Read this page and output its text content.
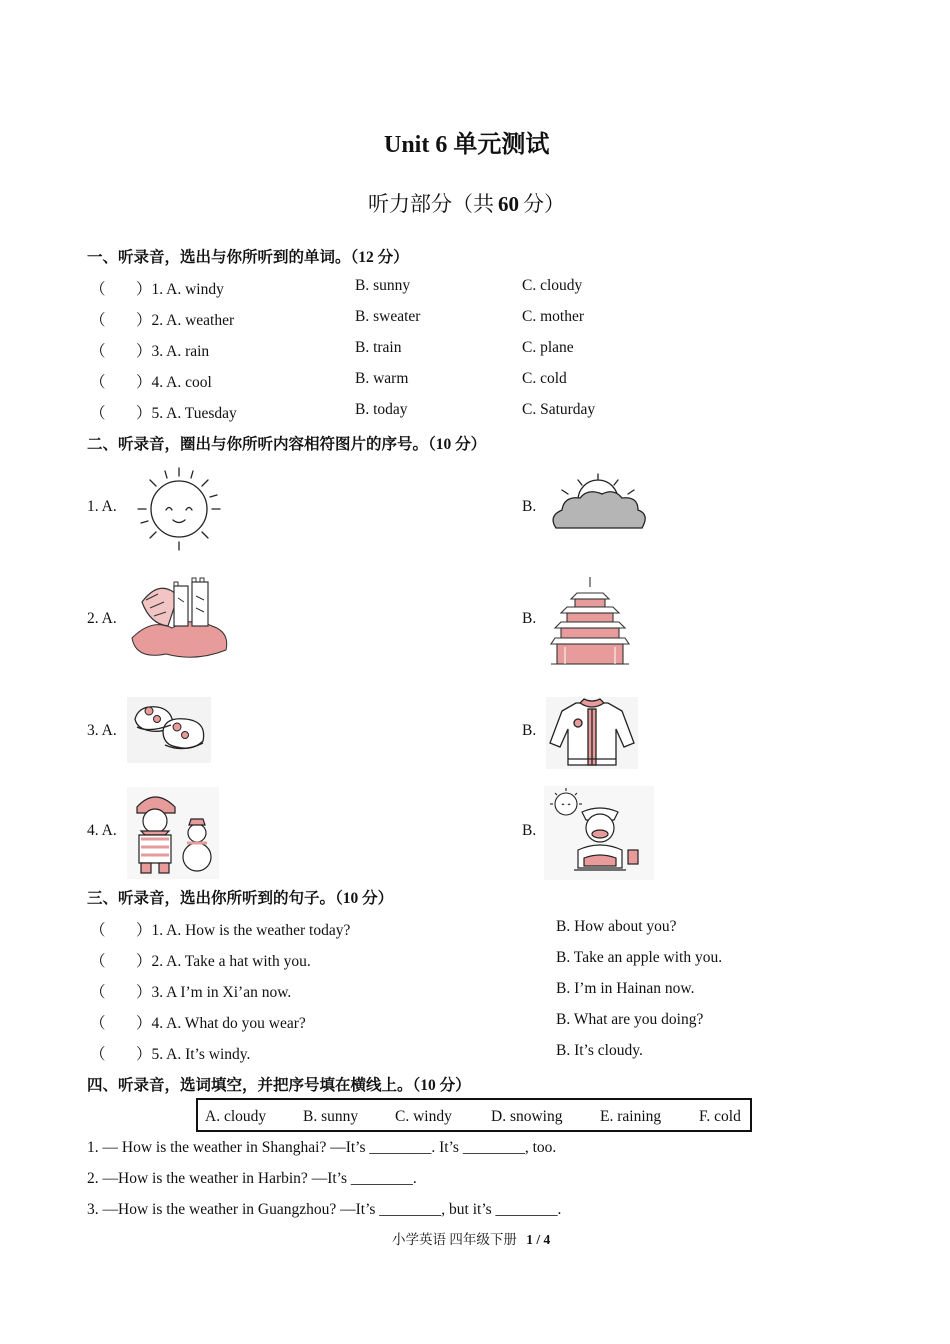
Unit 6 单元测试
听力部分（共 60 分）
一、听录音，选出与你所听到的单词。（12 分）
（ ）1. A. windy	B. sunny	C. cloudy
（ ）2. A. weather	B. sweater	C. mother
（ ）3. A. rain	B. train	C. plane
（ ）4. A. cool	B. warm	C. cold
（ ）5. A. Tuesday	B. today	C. Saturday
二、听录音，圈出与你所听内容相符图片的序号。（10 分）
1. A.	B.
2. A.	B.
3. A.	B.
4. A.	B.
三、听录音，选出你所听到的句子。（10 分）
（ ）1. A. How is the weather today?	B. How about you?
（ ）2. A. Take a hat with you.	B. Take an apple with you.
（ ）3. A I’m in Xi’an now.	B. I’m in Hainan now.
（ ）4. A. What do you wear?	B. What are you doing?
（ ）5. A. It’s windy.	B. It’s cloudy.
四、听录音，选词填空，并把序号填在横线上。（10 分）
A. cloudy B. sunny C. windy	D. snowing E. raining F. cold
1. — How is the weather in Shanghai? —It’s ________. It’s ________, too.
2. —How is the weather in Harbin? —It’s ________.
3. —How is the weather in Guangzhou? —It’s ________, but it’s ________.
小学英语 四年级下册 1 / 4
